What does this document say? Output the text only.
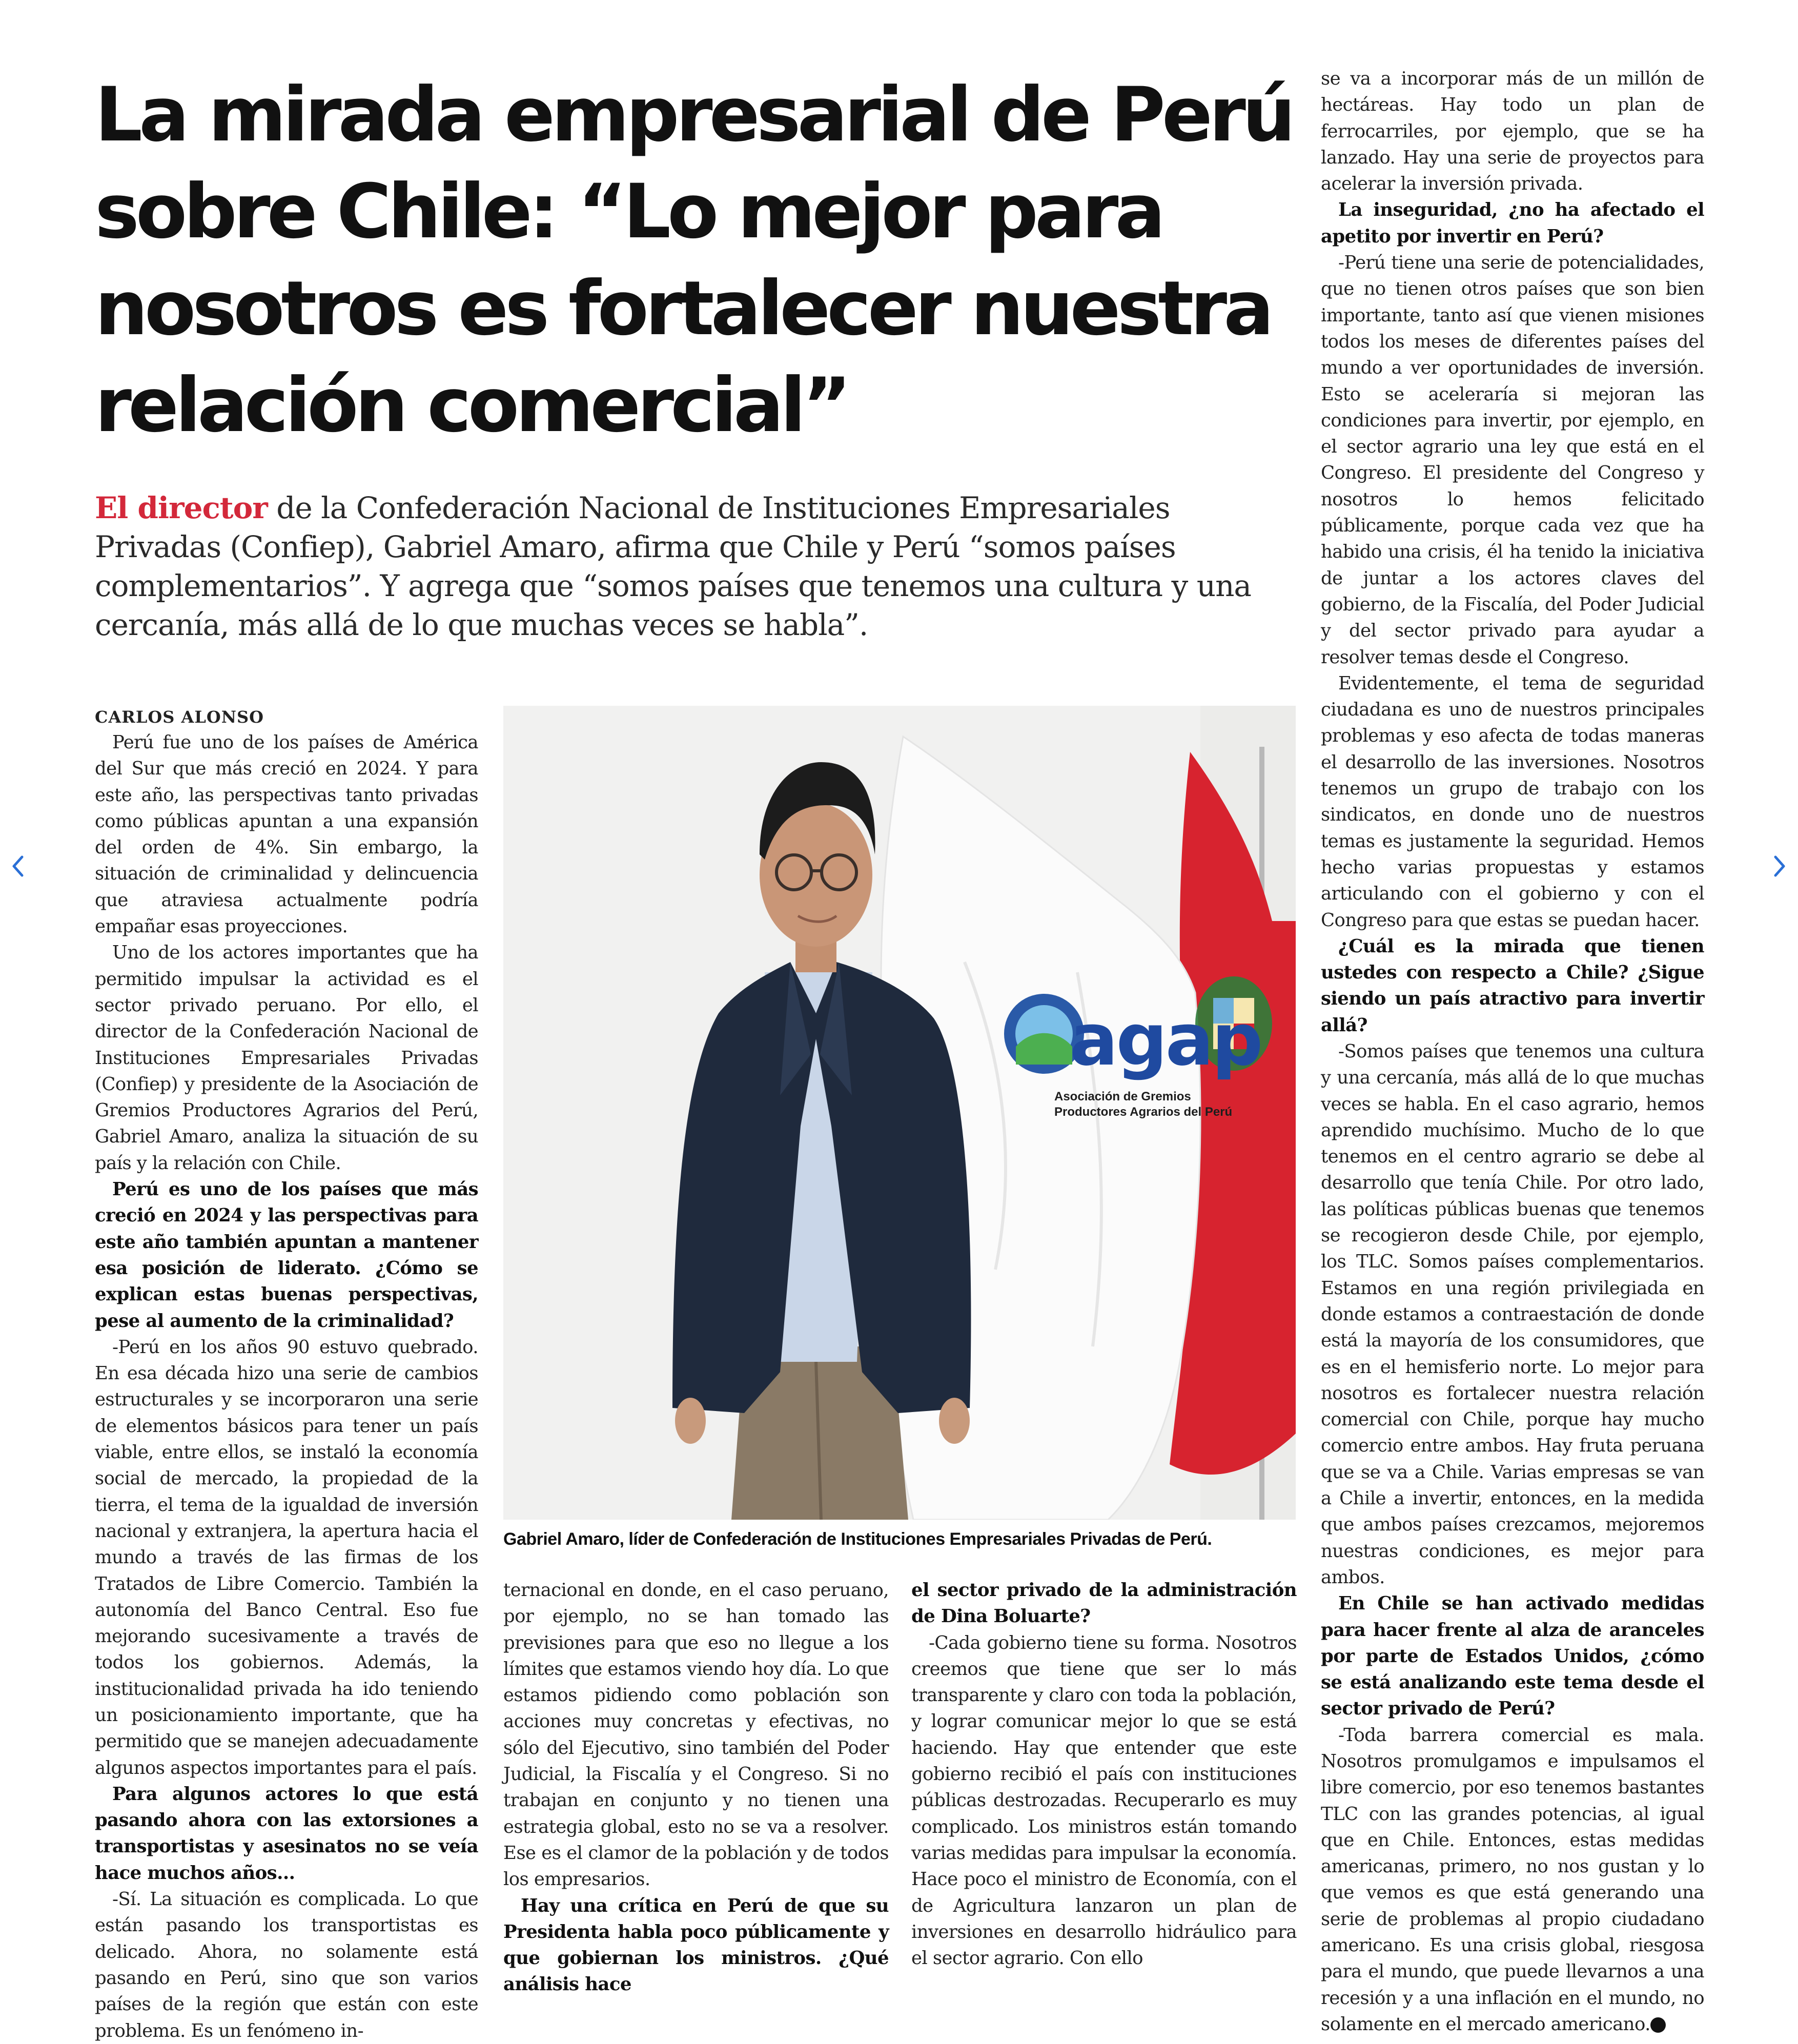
La mirada empresarial de Perú
sobre Chile: “Lo mejor para
nosotros es fortalecer nuestra
relación comercial”
El director de la Confederación Nacional de Instituciones Empresariales Privadas (Confiep), Gabriel Amaro, afirma que Chile y Perú “somos países complementarios”. Y agrega que “somos países que tenemos una cultura y una cercanía, más allá de lo que muchas veces se habla”.
CARLOS ALONSO

Perú fue uno de los países de América del Sur que más creció en 2024. Y para este año, las perspectivas tanto privadas como públicas apuntan a una expansión del orden de 4%. Sin embargo, la situación de criminalidad y delincuencia que atraviesa actualmente podría empañar esas proyecciones.

Uno de los actores importantes que ha permitido impulsar la actividad es el sector privado peruano. Por ello, el director de la Confederación Nacional de Instituciones Empresariales Privadas (Confiep) y presidente de la Asociación de Gremios Productores Agrarios del Perú, Gabriel Amaro, analiza la situación de su país y la relación con Chile.

Perú es uno de los países que más creció en 2024 y las perspectivas para este año también apuntan a mantener esa posición de liderato. ¿Cómo se explican estas buenas perspectivas, pese al aumento de la criminalidad?

-Perú en los años 90 estuvo quebrado. En esa década hizo una serie de cambios estructurales y se incorporaron una serie de elementos básicos para tener un país viable, entre ellos, se instaló la economía social de mercado, la propiedad de la tierra, el tema de la igualdad de inversión nacional y extranjera, la apertura hacia el mundo a través de las firmas de los Tratados de Libre Comercio. También la autonomía del Banco Central. Eso fue mejorando sucesivamente a través de todos los gobiernos. Además, la institucionalidad privada ha ido teniendo un posicionamiento importante, que ha permitido que se manejen adecuadamente algunos aspectos importantes para el país.

Para algunos actores lo que está pasando ahora con las extorsiones a transportistas y asesinatos no se veía hace muchos años...

-Sí. La situación es complicada. Lo que están pasando los transportistas es delicado. Ahora, no solamente está pasando en Perú, sino que son varios países de la región que están con este problema. Es un fenómeno in-

agap
Asociación de Gremios
Productores Agrarios del Perú
Gabriel Amaro, líder de Confederación de Instituciones Empresariales Privadas de Perú.

ternacional en donde, en el caso peruano, por ejemplo, no se han tomado las previsiones para que eso no llegue a los límites que estamos viendo hoy día. Lo que estamos pidiendo como población son acciones muy concretas y efectivas, no sólo del Ejecutivo, sino también del Poder Judicial, la Fiscalía y el Congreso. Si no trabajan en conjunto y no tienen una estrategia global, esto no se va a resolver. Ese es el clamor de la población y de todos los empresarios.

Hay una crítica en Perú de que su Presidenta habla poco públicamente y que gobiernan los ministros. ¿Qué análisis hace

el sector privado de la administración de Dina Boluarte?

-Cada gobierno tiene su forma. Nosotros creemos que tiene que ser lo más transparente y claro con toda la población, y lograr comunicar mejor lo que se está haciendo. Hay que entender que este gobierno recibió el país con instituciones públicas destrozadas. Recuperarlo es muy complicado. Los ministros están tomando varias medidas para impulsar la economía. Hace poco el ministro de Economía, con el de Agricultura lanzaron un plan de inversiones en desarrollo hidráulico para el sector agrario. Con ello

se va a incorporar más de un millón de hectáreas. Hay todo un plan de ferrocarriles, por ejemplo, que se ha lanzado. Hay una serie de proyectos para acelerar la inversión privada.

La inseguridad, ¿no ha afectado el apetito por invertir en Perú?

-Perú tiene una serie de potencialidades, que no tienen otros países que son bien importante, tanto así que vienen misiones todos los meses de diferentes países del mundo a ver oportunidades de inversión. Esto se aceleraría si mejoran las condiciones para invertir, por ejemplo, en el sector agrario una ley que está en el Congreso. El presidente del Congreso y nosotros lo hemos felicitado públicamente, porque cada vez que ha habido una crisis, él ha tenido la iniciativa de juntar a los actores claves del gobierno, de la Fiscalía, del Poder Judicial y del sector privado para ayudar a resolver temas desde el Congreso.

Evidentemente, el tema de seguridad ciudadana es uno de nuestros principales problemas y eso afecta de todas maneras el desarrollo de las inversiones. Nosotros tenemos un grupo de trabajo con los sindicatos, en donde uno de nuestros temas es justamente la seguridad. Hemos hecho varias propuestas y estamos articulando con el gobierno y con el Congreso para que estas se puedan hacer.

¿Cuál es la mirada que tienen ustedes con respecto a Chile? ¿Sigue siendo un país atractivo para invertir allá?

-Somos países que tenemos una cultura y una cercanía, más allá de lo que muchas veces se habla. En el caso agrario, hemos aprendido muchísimo. Mucho de lo que tenemos en el centro agrario se debe al desarrollo que tenía Chile. Por otro lado, las políticas públicas buenas que tenemos se recogieron desde Chile, por ejemplo, los TLC. Somos países complementarios. Estamos en una región privilegiada en donde estamos a contraestación de donde está la mayoría de los consumidores, que es en el hemisferio norte. Lo mejor para nosotros es fortalecer nuestra relación comercial con Chile, porque hay mucho comercio entre ambos. Hay fruta peruana que se va a Chile. Varias empresas se van a Chile a invertir, entonces, en la medida que ambos países crezcamos, mejoremos nuestras condiciones, es mejor para ambos.

En Chile se han activado medidas para hacer frente al alza de aranceles por parte de Estados Unidos, ¿cómo se está analizando este tema desde el sector privado de Perú?

-Toda barrera comercial es mala. Nosotros promulgamos e impulsamos el libre comercio, por eso tenemos bastantes TLC con las grandes potencias, al igual que en Chile. Entonces, estas medidas americanas, primero, no nos gustan y lo que vemos es que está generando una serie de problemas al propio ciudadano americano. Es una crisis global, riesgosa para el mundo, que puede llevarnos a una recesión y a una inflación en el mundo, no solamente en el mercado americano. P
